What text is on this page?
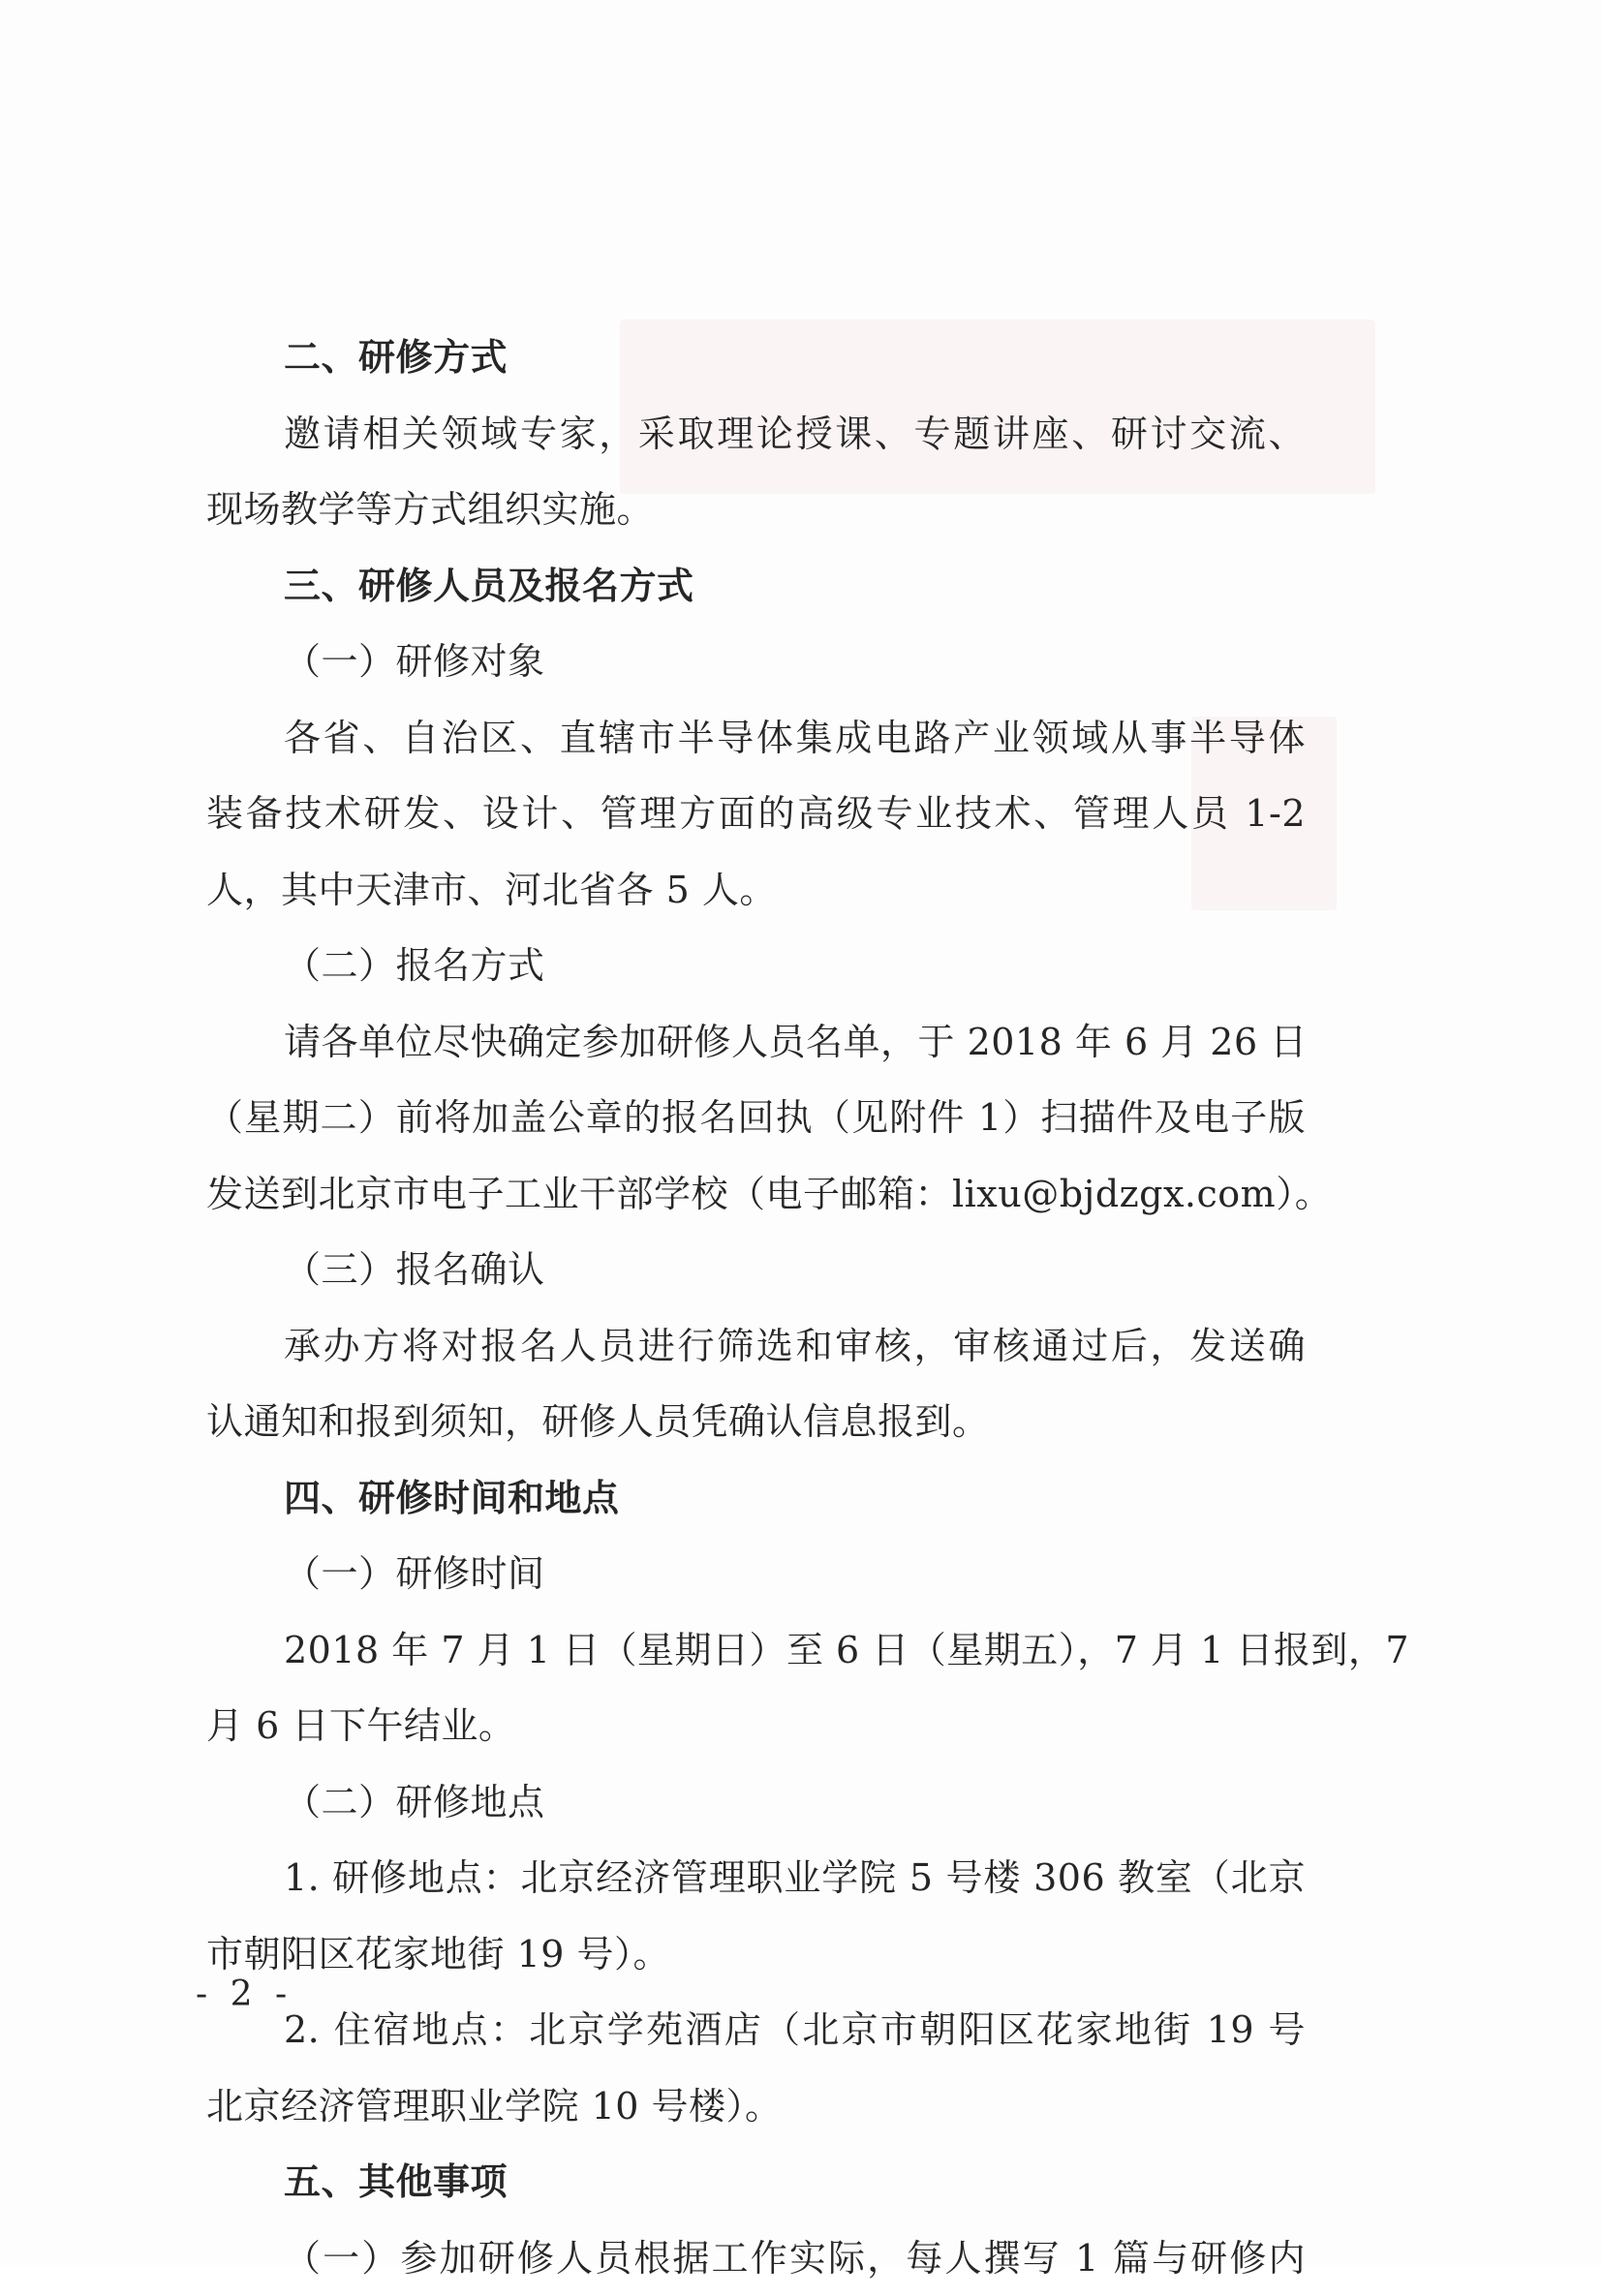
二、研修方式
邀请相关领域专家，采取理论授课、专题讲座、研讨交流、
现场教学等方式组织实施。
三、研修人员及报名方式
（一）研修对象
各省、自治区、直辖市半导体集成电路产业领域从事半导体
装备技术研发、设计、管理方面的高级专业技术、管理人员 1-2
人，其中天津市、河北省各 5 人。
（二）报名方式
请各单位尽快确定参加研修人员名单，于 2018 年 6 月 26 日
（星期二）前将加盖公章的报名回执（见附件 1）扫描件及电子版
发送到北京市电子工业干部学校（电子邮箱：lixu@bjdzgx.com）。
（三）报名确认
承办方将对报名人员进行筛选和审核，审核通过后，发送确
认通知和报到须知，研修人员凭确认信息报到。
四、研修时间和地点
（一）研修时间
2018 年 7 月 1 日（星期日）至 6 日（星期五），7 月 1 日报到，7
月 6 日下午结业。
（二）研修地点
1. 研修地点：北京经济管理职业学院 5 号楼 306 教室（北京
市朝阳区花家地街 19 号）。
2. 住宿地点：北京学苑酒店（北京市朝阳区花家地街 19 号
北京经济管理职业学院 10 号楼）。
五、其他事项
（一）参加研修人员根据工作实际，每人撰写 1 篇与研修内
- 2 -
